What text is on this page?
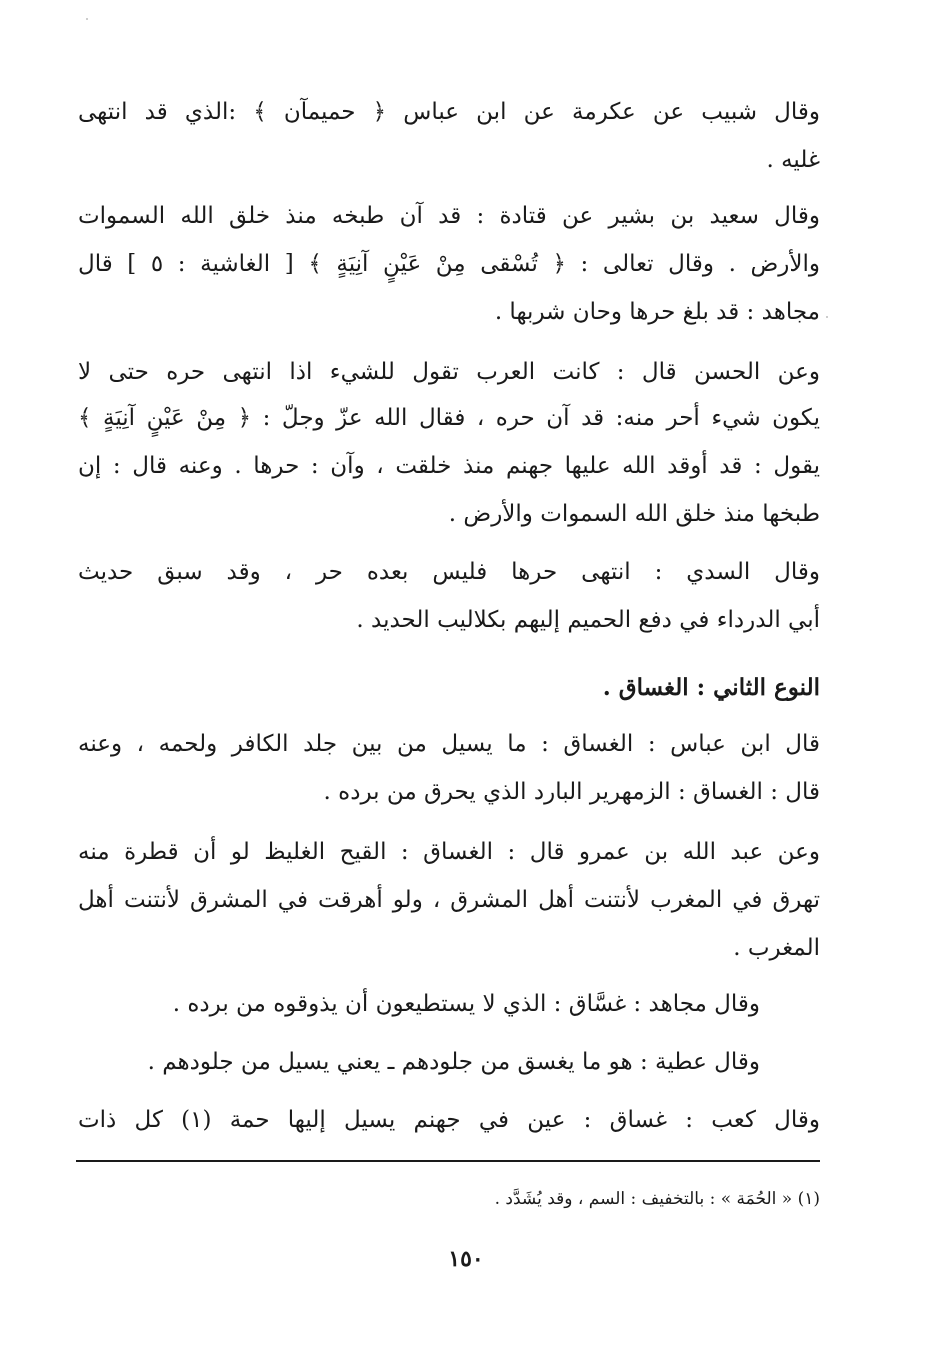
وقال شبيب عن عكرمة عن ابن عباس ﴿ حميمآن ﴾ :الذي قد انتهى
غليه .
وقال سعيد بن بشير عن قتادة : قد آن طبخه منذ خلق الله السموات
والأرض . وقال تعالى : ﴿ تُسْقى مِنْ عَيْنٍ آنِيَةٍ ﴾ [ الغاشية : ٥ ] قال
مجاهد : قد بلغ حرها وحان شربها .
وعن الحسن قال : كانت العرب تقول للشيء اذا انتهى حره حتى لا
يكون شيء أحر منه: قد آن حره ، فقال الله عزّ وجلّ : ﴿ مِنْ عَيْنٍ آنِيَةٍ ﴾
يقول : قد أوقد الله عليها جهنم منذ خلقت ، وآن : حرها . وعنه قال : إن
طبخها منذ خلق الله السموات والأرض .
وقال السدي : انتهى حرها فليس بعده حر ، وقد سبق حديث
أبي الدرداء في دفع الحميم إليهم بكلاليب الحديد .
النوع الثاني : الغساق .
قال ابن عباس : الغساق : ما يسيل من بين جلد الكافر ولحمه ، وعنه
قال : الغساق : الزمهرير البارد الذي يحرق من برده .
وعن عبد الله بن عمرو قال : الغساق : القيح الغليظ لو أن قطرة منه
تهرق في المغرب لأنتنت أهل المشرق ، ولو أهرقت في المشرق لأنتنت أهل
المغرب .
وقال مجاهد : غسَّاق : الذي لا يستطيعون أن يذوقوه من برده .
وقال عطية : هو ما يغسق من جلودهم ـ يعني يسيل من جلودهم .
وقال كعب : غساق : عين في جهنم يسيل إليها حمة (١) كل ذات
(١) « الحُمَة » : بالتخفيف : السم ، وقد يُشَدَّد .
١٥٠
